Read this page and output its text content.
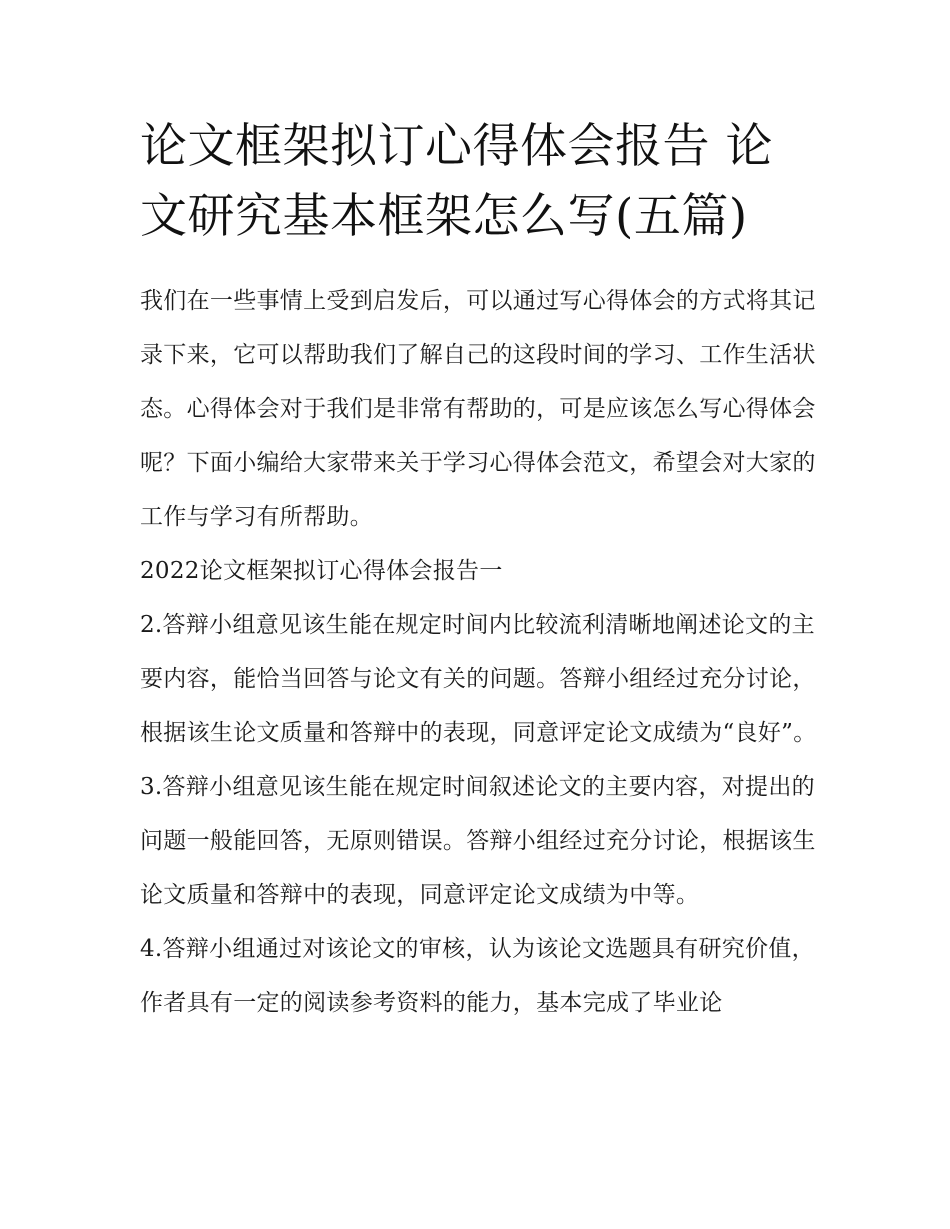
论文框架拟订心得体会报告 论文研究基本框架怎么写(五篇)

我们在一些事情上受到启发后，可以通过写心得体会的方式将其记录下来，它可以帮助我们了解自己的这段时间的学习、工作生活状态。心得体会对于我们是非常有帮助的，可是应该怎么写心得体会呢？下面小编给大家带来关于学习心得体会范文，希望会对大家的工作与学习有所帮助。

2022论文框架拟订心得体会报告一

2.答辩小组意见该生能在规定时间内比较流利清晰地阐述论文的主要内容，能恰当回答与论文有关的问题。答辩小组经过充分讨论，根据该生论文质量和答辩中的表现，同意评定论文成绩为“良好”。

3.答辩小组意见该生能在规定时间叙述论文的主要内容，对提出的问题一般能回答，无原则错误。答辩小组经过充分讨论，根据该生论文质量和答辩中的表现，同意评定论文成绩为中等。

4.答辩小组通过对该论文的审核，认为该论文选题具有研究价值，作者具有一定的阅读参考资料的能力，基本完成了毕业论
